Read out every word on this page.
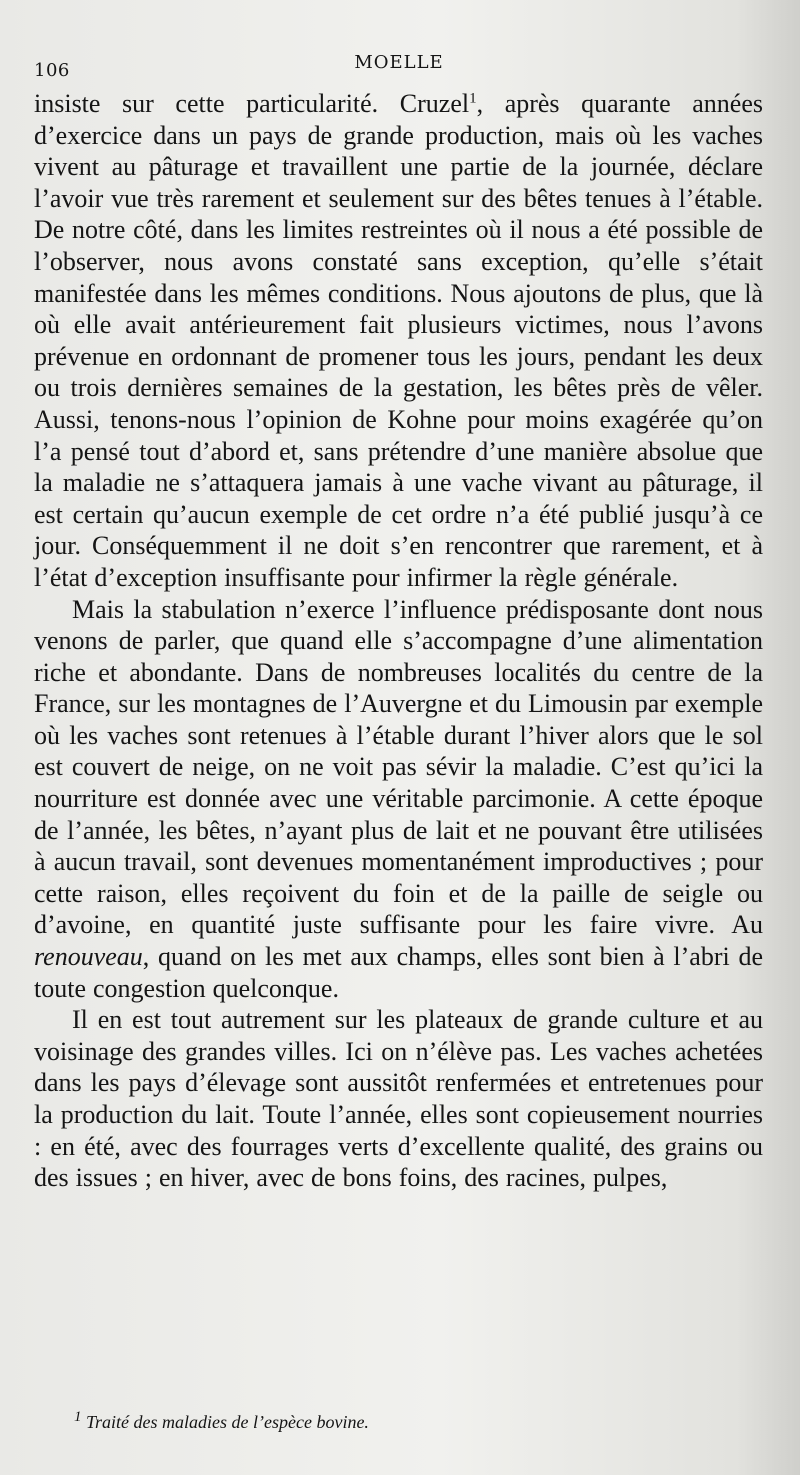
106	MOELLE

insiste sur cette particularité. Cruzel$^1$, après quarante années d’exercice dans un pays de grande production, mais où les vaches vivent au pâturage et travaillent une partie de la journée, déclare l’avoir vue très rarement et seulement sur des bêtes tenues à l’étable. De notre côté, dans les limites restreintes où il nous a été possible de l’observer, nous avons constaté sans exception, qu’elle s’était manifestée dans les mêmes conditions. Nous ajoutons de plus, que là où elle avait antérieurement fait plusieurs victimes, nous l’avons prévenue en ordonnant de promener tous les jours, pendant les deux ou trois dernières semaines de la gestation, les bêtes près de vêler. Aussi, tenons-nous l’opinion de Kohne pour moins exagérée qu’on l’a pensé tout d’abord et, sans prétendre d’une manière absolue que la maladie ne s’attaquera jamais à une vache vivant au pâturage, il est certain qu’aucun exemple de cet ordre n’a été publié jusqu’à ce jour. Conséquemment il ne doit s’en rencontrer que rarement, et à l’état d’exception insuffisante pour infirmer la règle générale.

Mais la stabulation n’exerce l’influence prédisposante dont nous venons de parler, que quand elle s’accompagne d’une alimentation riche et abondante. Dans de nombreuses localités du centre de la France, sur les montagnes de l’Auvergne et du Limousin par exemple où les vaches sont retenues à l’étable durant l’hiver alors que le sol est couvert de neige, on ne voit pas sévir la maladie. C’est qu’ici la nourriture est donnée avec une véritable parcimonie. A cette époque de l’année, les bêtes, n’ayant plus de lait et ne pouvant être utilisées à aucun travail, sont devenues momentanément improductives ; pour cette raison, elles reçoivent du foin et de la paille de seigle ou d’avoine, en quantité juste suffisante pour les faire vivre. Au renouveau, quand on les met aux champs, elles sont bien à l’abri de toute congestion quelconque.

Il en est tout autrement sur les plateaux de grande culture et au voisinage des grandes villes. Ici on n’élève pas. Les vaches achetées dans les pays d’élevage sont aussitôt renfermées et entretenues pour la production du lait. Toute l’année, elles sont copieusement nourries : en été, avec des fourrages verts d’excellente qualité, des grains ou des issues ; en hiver, avec de bons foins, des racines, pulpes,

$^1$ Traité des maladies de l’espèce bovine.
